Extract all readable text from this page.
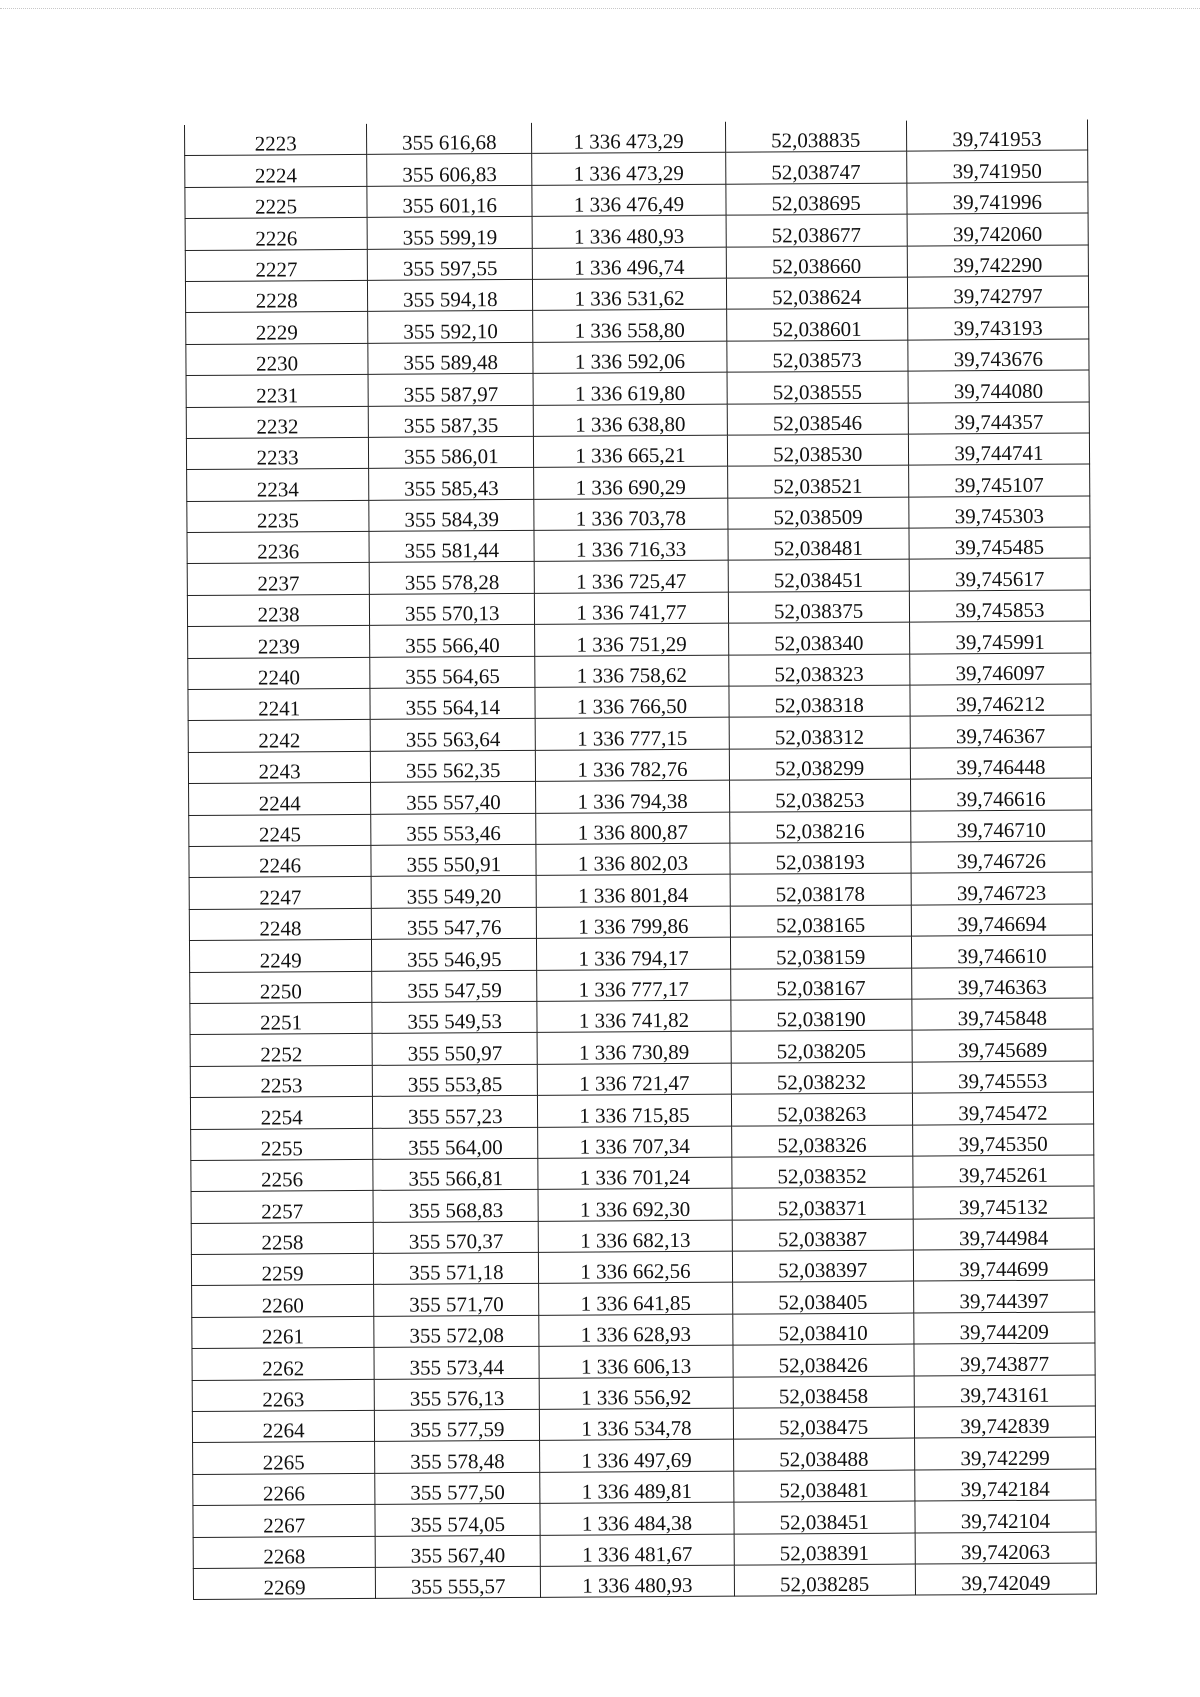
2223	355 616,68	1 336 473,29	52,038835	39,741953
2224	355 606,83	1 336 473,29	52,038747	39,741950
2225	355 601,16	1 336 476,49	52,038695	39,741996
2226	355 599,19	1 336 480,93	52,038677	39,742060
2227	355 597,55	1 336 496,74	52,038660	39,742290
2228	355 594,18	1 336 531,62	52,038624	39,742797
2229	355 592,10	1 336 558,80	52,038601	39,743193
2230	355 589,48	1 336 592,06	52,038573	39,743676
2231	355 587,97	1 336 619,80	52,038555	39,744080
2232	355 587,35	1 336 638,80	52,038546	39,744357
2233	355 586,01	1 336 665,21	52,038530	39,744741
2234	355 585,43	1 336 690,29	52,038521	39,745107
2235	355 584,39	1 336 703,78	52,038509	39,745303
2236	355 581,44	1 336 716,33	52,038481	39,745485
2237	355 578,28	1 336 725,47	52,038451	39,745617
2238	355 570,13	1 336 741,77	52,038375	39,745853
2239	355 566,40	1 336 751,29	52,038340	39,745991
2240	355 564,65	1 336 758,62	52,038323	39,746097
2241	355 564,14	1 336 766,50	52,038318	39,746212
2242	355 563,64	1 336 777,15	52,038312	39,746367
2243	355 562,35	1 336 782,76	52,038299	39,746448
2244	355 557,40	1 336 794,38	52,038253	39,746616
2245	355 553,46	1 336 800,87	52,038216	39,746710
2246	355 550,91	1 336 802,03	52,038193	39,746726
2247	355 549,20	1 336 801,84	52,038178	39,746723
2248	355 547,76	1 336 799,86	52,038165	39,746694
2249	355 546,95	1 336 794,17	52,038159	39,746610
2250	355 547,59	1 336 777,17	52,038167	39,746363
2251	355 549,53	1 336 741,82	52,038190	39,745848
2252	355 550,97	1 336 730,89	52,038205	39,745689
2253	355 553,85	1 336 721,47	52,038232	39,745553
2254	355 557,23	1 336 715,85	52,038263	39,745472
2255	355 564,00	1 336 707,34	52,038326	39,745350
2256	355 566,81	1 336 701,24	52,038352	39,745261
2257	355 568,83	1 336 692,30	52,038371	39,745132
2258	355 570,37	1 336 682,13	52,038387	39,744984
2259	355 571,18	1 336 662,56	52,038397	39,744699
2260	355 571,70	1 336 641,85	52,038405	39,744397
2261	355 572,08	1 336 628,93	52,038410	39,744209
2262	355 573,44	1 336 606,13	52,038426	39,743877
2263	355 576,13	1 336 556,92	52,038458	39,743161
2264	355 577,59	1 336 534,78	52,038475	39,742839
2265	355 578,48	1 336 497,69	52,038488	39,742299
2266	355 577,50	1 336 489,81	52,038481	39,742184
2267	355 574,05	1 336 484,38	52,038451	39,742104
2268	355 567,40	1 336 481,67	52,038391	39,742063
2269	355 555,57	1 336 480,93	52,038285	39,742049
